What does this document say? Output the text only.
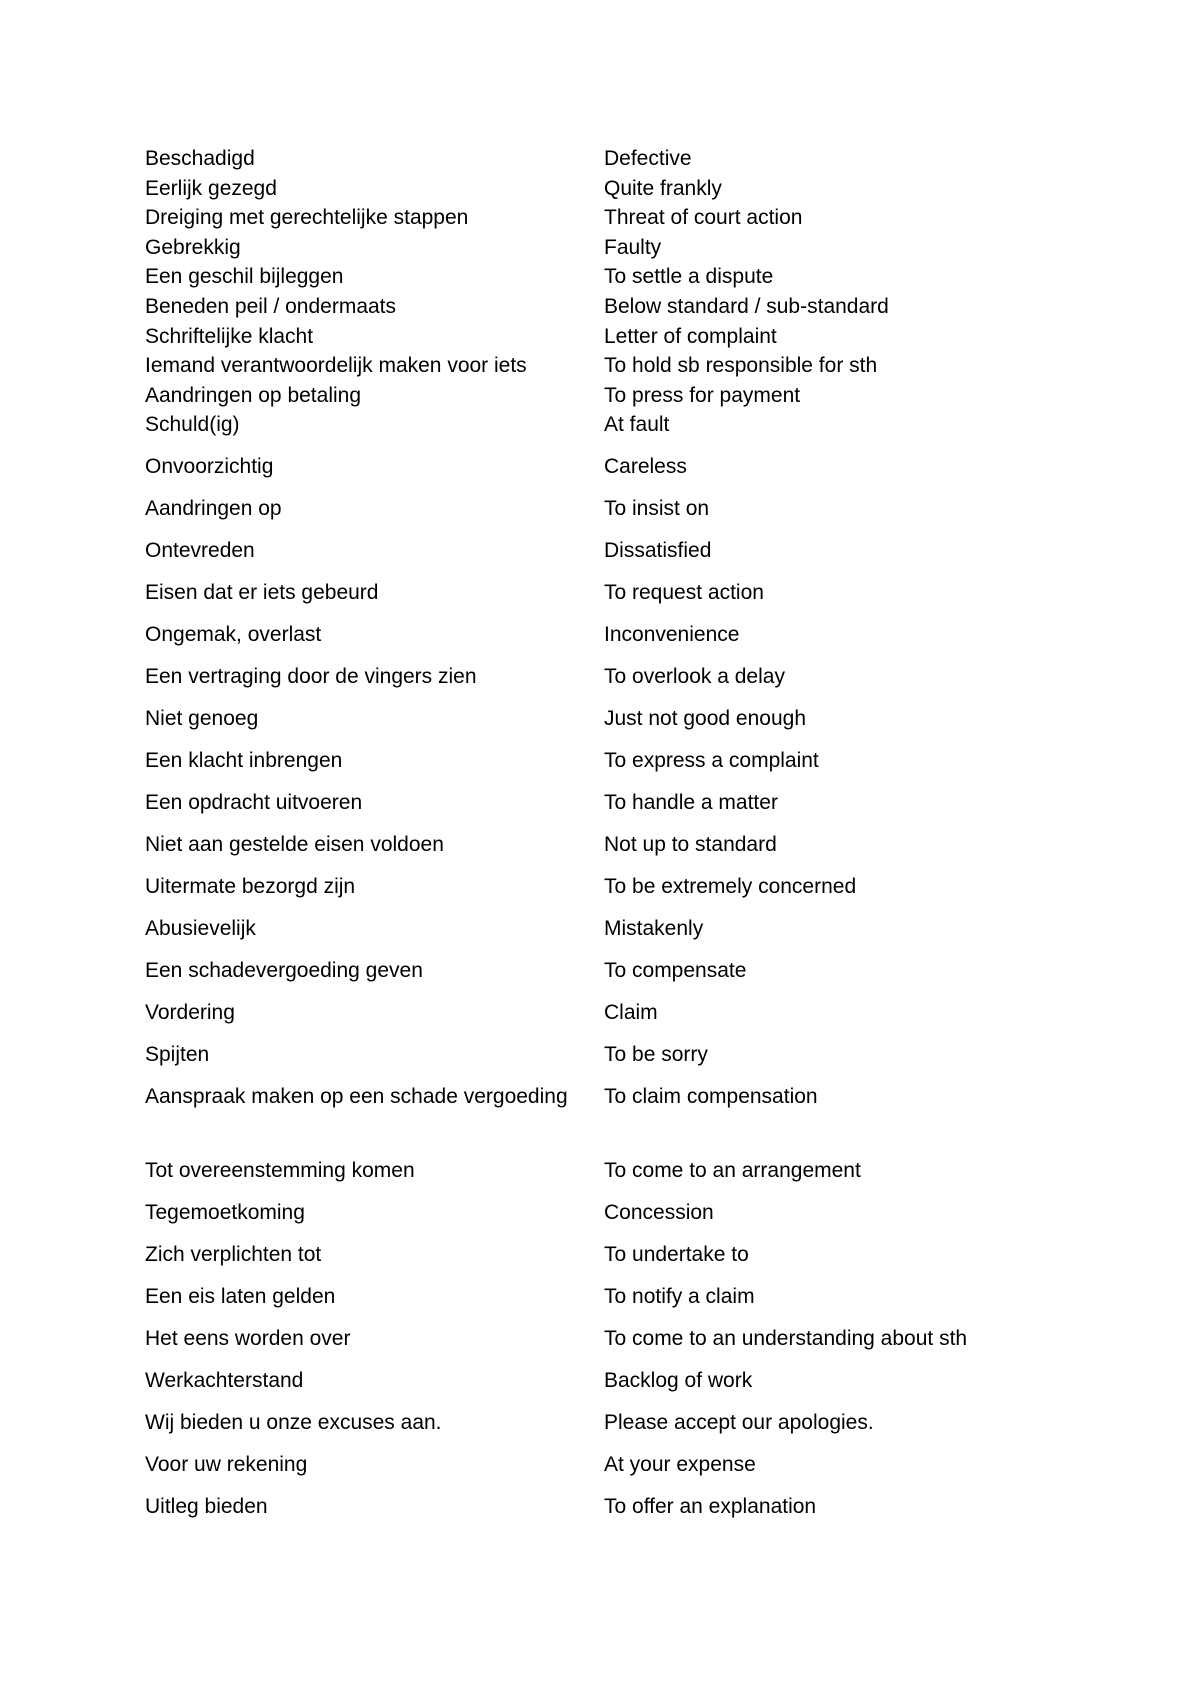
Beschadigd	Defective
Eerlijk gezegd	Quite frankly
Dreiging met gerechtelijke stappen	Threat of court action
Gebrekkig	Faulty
Een geschil bijleggen	To settle a dispute
Beneden peil / ondermaats	Below standard / sub-standard
Schriftelijke klacht	Letter of complaint
Iemand verantwoordelijk maken voor iets	To hold sb responsible for sth
Aandringen op betaling	To press for payment
Schuld(ig)	At fault
Onvoorzichtig	Careless
Aandringen op	To insist on
Ontevreden	Dissatisfied
Eisen dat er iets gebeurd	To request action
Ongemak, overlast	Inconvenience
Een vertraging door de vingers zien	To overlook a delay
Niet genoeg	Just not good enough
Een klacht inbrengen	To express a complaint
Een opdracht uitvoeren	To handle a matter
Niet aan gestelde eisen voldoen	Not up to standard
Uitermate bezorgd zijn	To be extremely concerned
Abusievelijk	Mistakenly
Een schadevergoeding geven	To compensate
Vordering	Claim
Spijten	To be sorry
Aanspraak maken op een schade vergoeding	To claim compensation
Tot overeenstemming komen	To come to an arrangement
Tegemoetkoming	Concession
Zich verplichten tot	To undertake to
Een eis laten gelden	To notify a claim
Het eens worden over	To come to an understanding about sth
Werkachterstand	Backlog of work
Wij bieden u onze excuses aan.	Please accept our apologies.
Voor uw rekening	At your expense
Uitleg bieden	To offer an explanation
